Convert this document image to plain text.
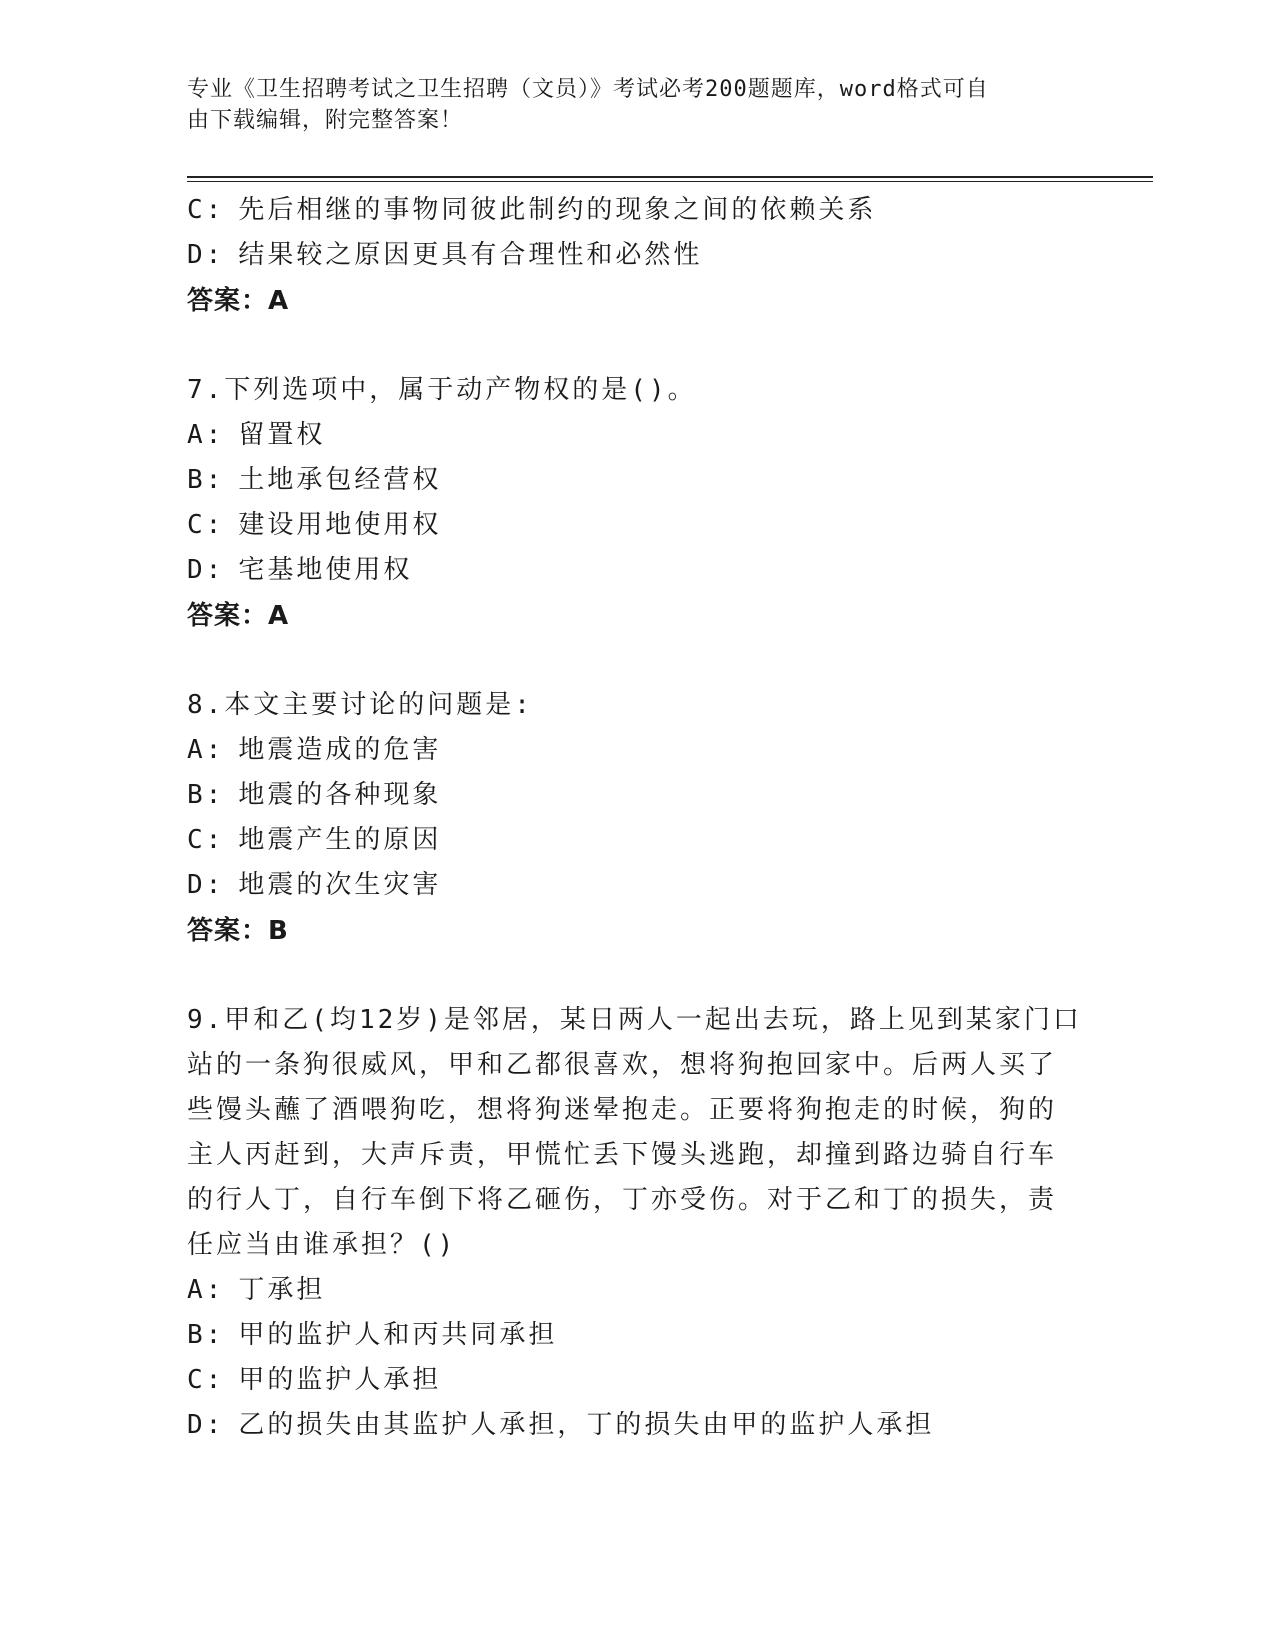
专业《卫生招聘考试之卫生招聘（文员）》考试必考200题题库，word格式可自
由下载编辑，附完整答案！
C: 先后相继的事物同彼此制约的现象之间的依赖关系
D: 结果较之原因更具有合理性和必然性
答案：A
7.下列选项中，属于动产物权的是()。
A: 留置权
B: 土地承包经营权
C: 建设用地使用权
D: 宅基地使用权
答案：A
8.本文主要讨论的问题是:
A: 地震造成的危害
B: 地震的各种现象
C: 地震产生的原因
D: 地震的次生灾害
答案：B
9.甲和乙(均12岁)是邻居，某日两人一起出去玩，路上见到某家门口
站的一条狗很威风，甲和乙都很喜欢，想将狗抱回家中。后两人买了
些馒头蘸了酒喂狗吃，想将狗迷晕抱走。正要将狗抱走的时候，狗的
主人丙赶到，大声斥责，甲慌忙丢下馒头逃跑，却撞到路边骑自行车
的行人丁，自行车倒下将乙砸伤，丁亦受伤。对于乙和丁的损失，责
任应当由谁承担？()
A: 丁承担
B: 甲的监护人和丙共同承担
C: 甲的监护人承担
D: 乙的损失由其监护人承担，丁的损失由甲的监护人承担
